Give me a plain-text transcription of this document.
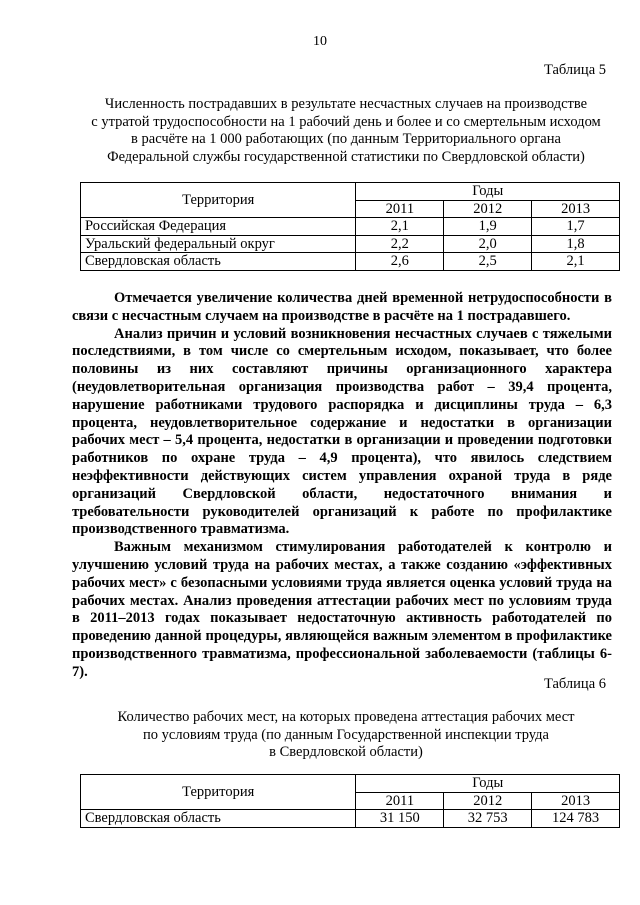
10
Таблица 5
Численность пострадавших в результате несчастных случаев на производстве
с утратой трудоспособности на 1 рабочий день и более и со смертельным исходом
в расчёте на 1 000 работающих (по данным Территориального органа
Федеральной службы государственной статистики по Свердловской области)
Территория	Годы		
	2011	2012	2013
Российская Федерация	2,1	1,9	1,7
Уральский федеральный округ	2,2	2,0	1,8
Свердловская область	2,6	2,5	2,1

Отмечается увеличение количества дней временной нетрудоспособности в связи с несчастным случаем на производстве в расчёте на 1 пострадавшего.

Анализ причин и условий возникновения несчастных случаев с тяжелыми последствиями, в том числе со смертельным исходом, показывает, что более половины из них составляют причины организационного характера (неудовлетворительная организация производства работ – 39,4 процента, нарушение работниками трудового распорядка и дисциплины труда – 6,3 процента, неудовлетворительное содержание и недостатки в организации рабочих мест – 5,4 процента, недостатки в организации и проведении подготовки работников по охране труда – 4,9 процента), что явилось следствием неэффективности действующих систем управления охраной труда в ряде организаций Свердловской области, недостаточного внимания и требовательности руководителей организаций к работе по профилактике производственного травматизма.

Важным механизмом стимулирования работодателей к контролю и улучшению условий труда на рабочих местах, а также созданию «эффективных рабочих мест» с безопасными условиями труда является оценка условий труда на рабочих местах. Анализ проведения аттестации рабочих мест по условиям труда в 2011–2013 годах показывает недостаточную активность работодателей по проведению данной процедуры, являющейся важным элементом в профилактике производственного травматизма, профессиональной заболеваемости (таблицы 6-7).

Таблица 6
Количество рабочих мест, на которых проведена аттестация рабочих мест
по условиям труда (по данным Государственной инспекции труда
в Свердловской области)
Территория	Годы		
	2011	2012	2013
Свердловская область	31 150	32 753	124 783
